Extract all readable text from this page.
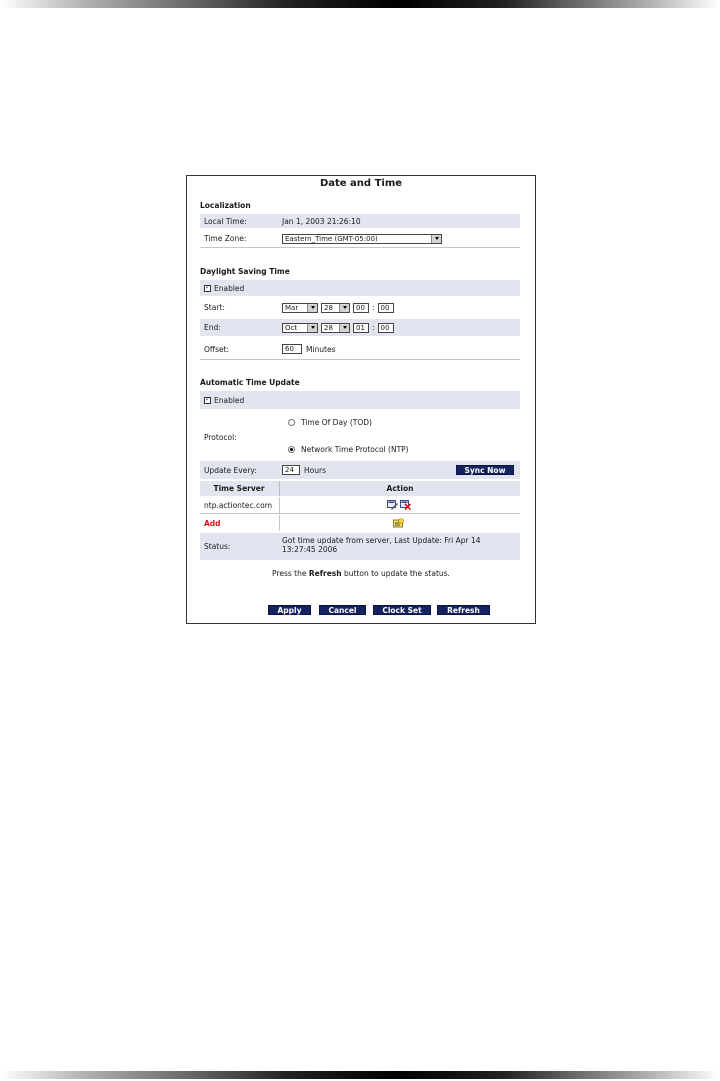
Date and Time
Localization
Local Time:	Jan 1, 2003 21:26:10
Time Zone:	Eastern_Time (GMT-05:00)
Daylight Saving Time
✓ Enabled
Start:	Mar	28	00 : 00
End:	Oct	28	01 : 00
Offset:	60	Minutes
Automatic Time Update
✓ Enabled
Protocol:
Time Of Day (TOD)
Network Time Protocol (NTP)
Update Every:	24	Hours	Sync Now
Time Server	Action
ntp.actiontec.com
Add
Status:
Got time update from server, Last Update: Fri Apr 14
13:27:45 2006
Press the Refresh button to update the status.
Apply	Cancel	Clock Set	Refresh
